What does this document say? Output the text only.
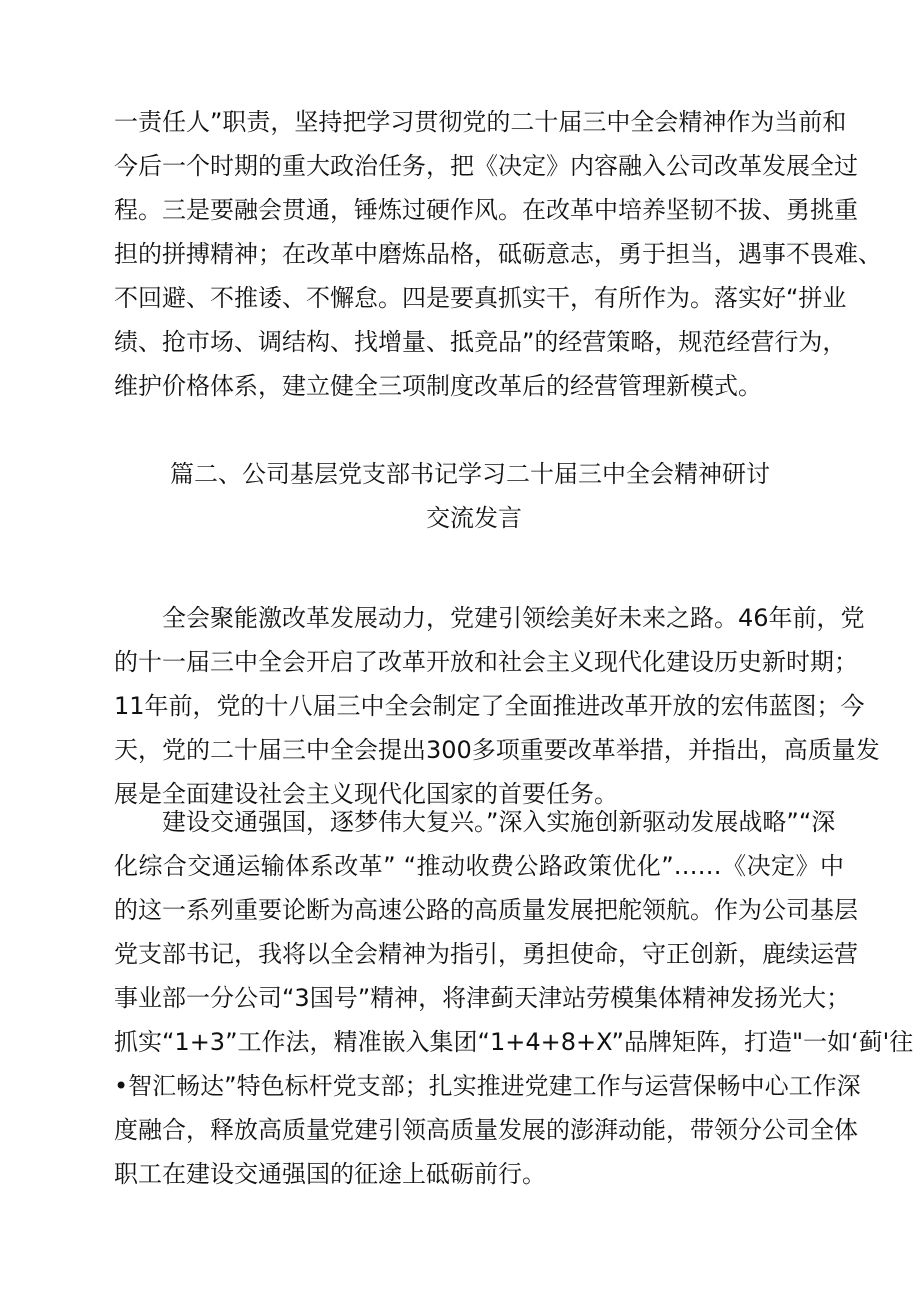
一责任人”职责，坚持把学习贯彻党的二十届三中全会精神作为当前和
今后一个时期的重大政治任务，把《决定》内容融入公司改革发展全过
程。三是要融会贯通，锤炼过硬作风。在改革中培养坚韧不拔、勇挑重
担的拼搏精神；在改革中磨炼品格，砥砺意志，勇于担当，遇事不畏难、
不回避、不推诿、不懈怠。四是要真抓实干，有所作为。落实好“拼业
绩、抢市场、调结构、找增量、抵竞品”的经营策略，规范经营行为，
维护价格体系，建立健全三项制度改革后的经营管理新模式。
篇二、公司基层党支部书记学习二十届三中全会精神研讨
交流发言
全会聚能激改革发展动力，党建引领绘美好未来之路。46年前，党
的十一届三中全会开启了改革开放和社会主义现代化建设历史新时期；
11年前，党的十八届三中全会制定了全面推进改革开放的宏伟蓝图；今
天，党的二十届三中全会提出300多项重要改革举措，并指出，高质量发
展是全面建设社会主义现代化国家的首要任务。
建设交通强国，逐梦伟大复兴。”深入实施创新驱动发展战略”“深
化综合交通运输体系改革” “推动收费公路政策优化”……《决定》中
的这一系列重要论断为高速公路的高质量发展把舵领航。作为公司基层
党支部书记，我将以全会精神为指引，勇担使命，守正创新，鹿续运营
事业部一分公司“3国号”精神，将津蓟天津站劳模集体精神发扬光大；
抓实“1+3”工作法，精准嵌入集团“1+4+8+X”品牌矩阵，打造"一如‘蓟'往
•智汇畅达”特色标杆党支部；扎实推进党建工作与运营保畅中心工作深
度融合，释放高质量党建引领高质量发展的澎湃动能，带领分公司全体
职工在建设交通强国的征途上砥砺前行。
